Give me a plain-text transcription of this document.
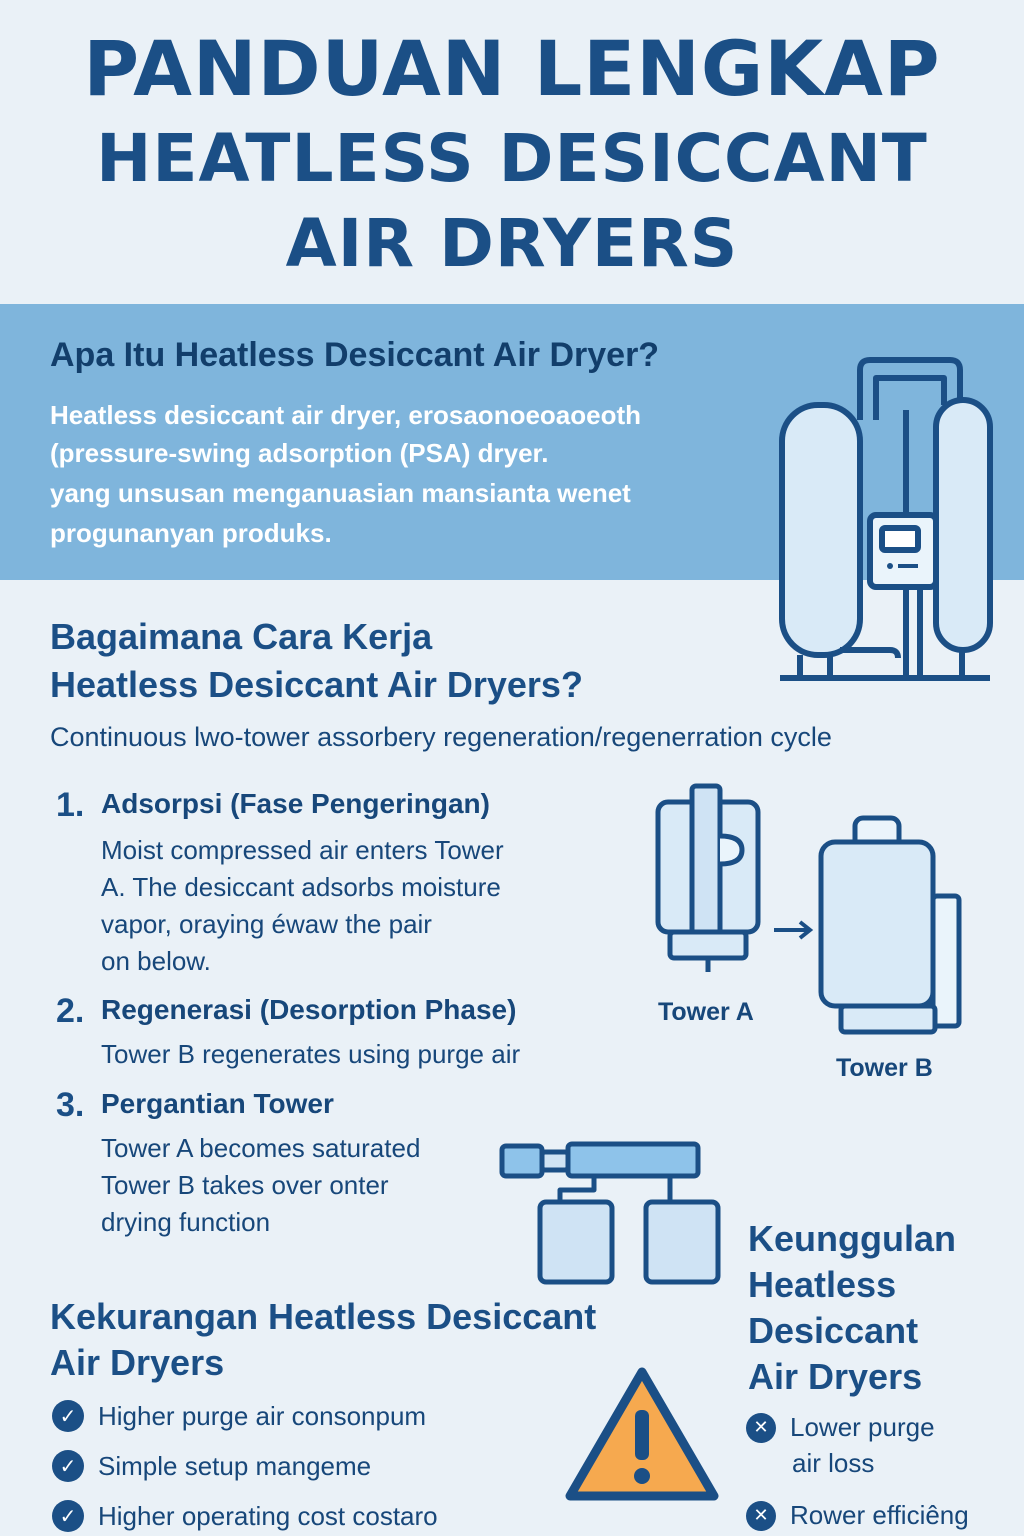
PANDUAN LENGKAP
HEATLESS DESICCANT
AIR DRYERS
Apa Itu Heatless Desiccant Air Dryer?

Heatless desiccant air dryer, erosaonoeoaoeoth

(pressure-swing adsorption (PSA) dryer.

yang unsusan menganuasian mansianta wenet

progunanyan produks.

Bagaimana Cara Kerja
Heatless Desiccant Air Dryers?

Continuous lwo-tower assorbery regeneration/regenerration cycle

1. Adsorpsi (Fase Pengeringan)

Moist compressed air enters Tower

A. The desiccant adsorbs moisture

vapor, oraying éwaw the pair

on below.

2. Regenerasi (Desorption Phase)

Tower B regenerates using purge air

3. Pergantian Tower

Tower A becomes saturated

Tower B takes over onter

drying function

Tower A
Tower B
Kekurangan Heatless Desiccant
Air Dryers
✓ Higher purge air consonpum
✓ Simple setup mangeme
✓ Higher operating cost costaro
Keunggulan
Heatless
Desiccant
Air Dryers
✕ Lower purge
air loss
✕ Rower efficiêng
